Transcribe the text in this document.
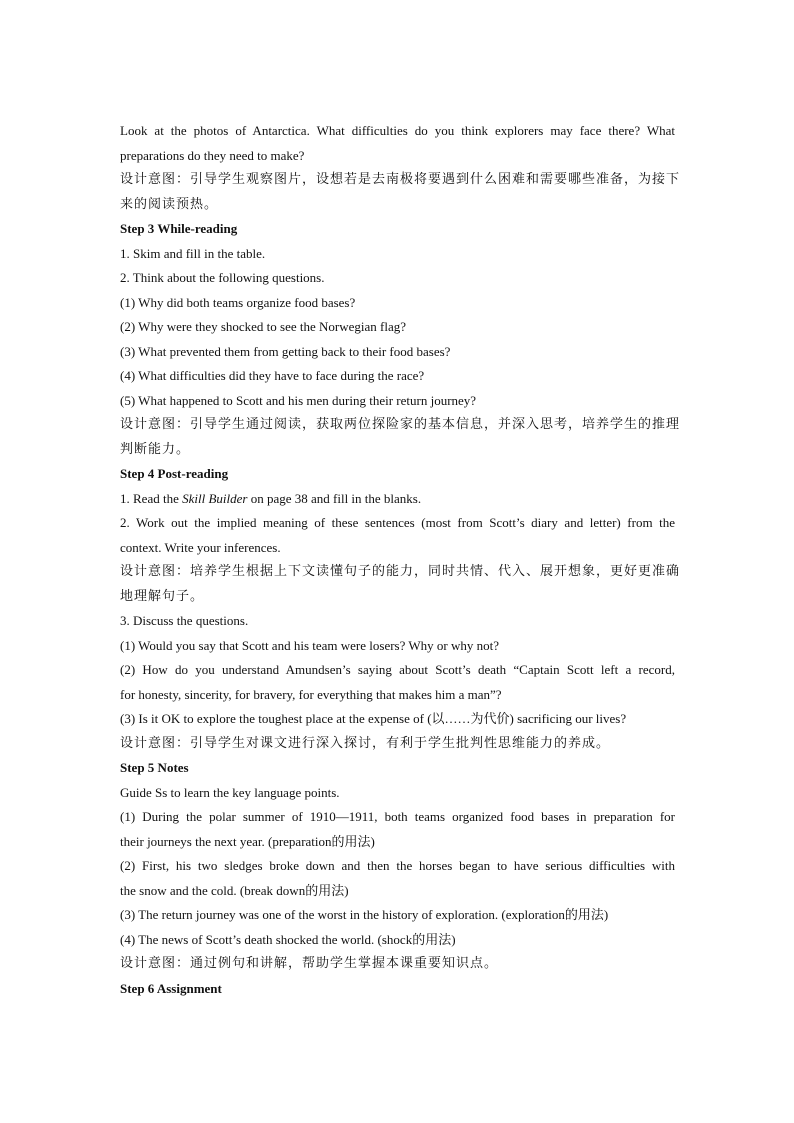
Look at the photos of Antarctica. What difficulties do you think explorers may face there? What
preparations do they need to make?
设计意图：引导学生观察图片，设想若是去南极将要遇到什么困难和需要哪些准备，为接下
来的阅读预热。
Step 3 While-reading
1. Skim and fill in the table.
2. Think about the following questions.
(1) Why did both teams organize food bases?
(2) Why were they shocked to see the Norwegian flag?
(3) What prevented them from getting back to their food bases?
(4) What difficulties did they have to face during the race?
(5) What happened to Scott and his men during their return journey?
设计意图：引导学生通过阅读，获取两位探险家的基本信息，并深入思考，培养学生的推理
判断能力。
Step 4 Post-reading
1. Read the Skill Builder on page 38 and fill in the blanks.
2. Work out the implied meaning of these sentences (most from Scott’s diary and letter) from the
context. Write your inferences.
设计意图：培养学生根据上下文读懂句子的能力，同时共情、代入、展开想象，更好更准确
地理解句子。
3. Discuss the questions.
(1) Would you say that Scott and his team were losers? Why or why not?
(2) How do you understand Amundsen’s saying about Scott’s death “Captain Scott left a record,
for honesty, sincerity, for bravery, for everything that makes him a man”?
(3) Is it OK to explore the toughest place at the expense of (以……为代价) sacrificing our lives?
设计意图：引导学生对课文进行深入探讨，有利于学生批判性思维能力的养成。
Step 5 Notes
Guide Ss to learn the key language points.
(1) During the polar summer of 1910—1911, both teams organized food bases in preparation for
their journeys the next year. (preparation的用法)
(2) First, his two sledges broke down and then the horses began to have serious difficulties with
the snow and the cold. (break down的用法)
(3) The return journey was one of the worst in the history of exploration. (exploration的用法)
(4) The news of Scott’s death shocked the world. (shock的用法)
设计意图：通过例句和讲解，帮助学生掌握本课重要知识点。
Step 6 Assignment
